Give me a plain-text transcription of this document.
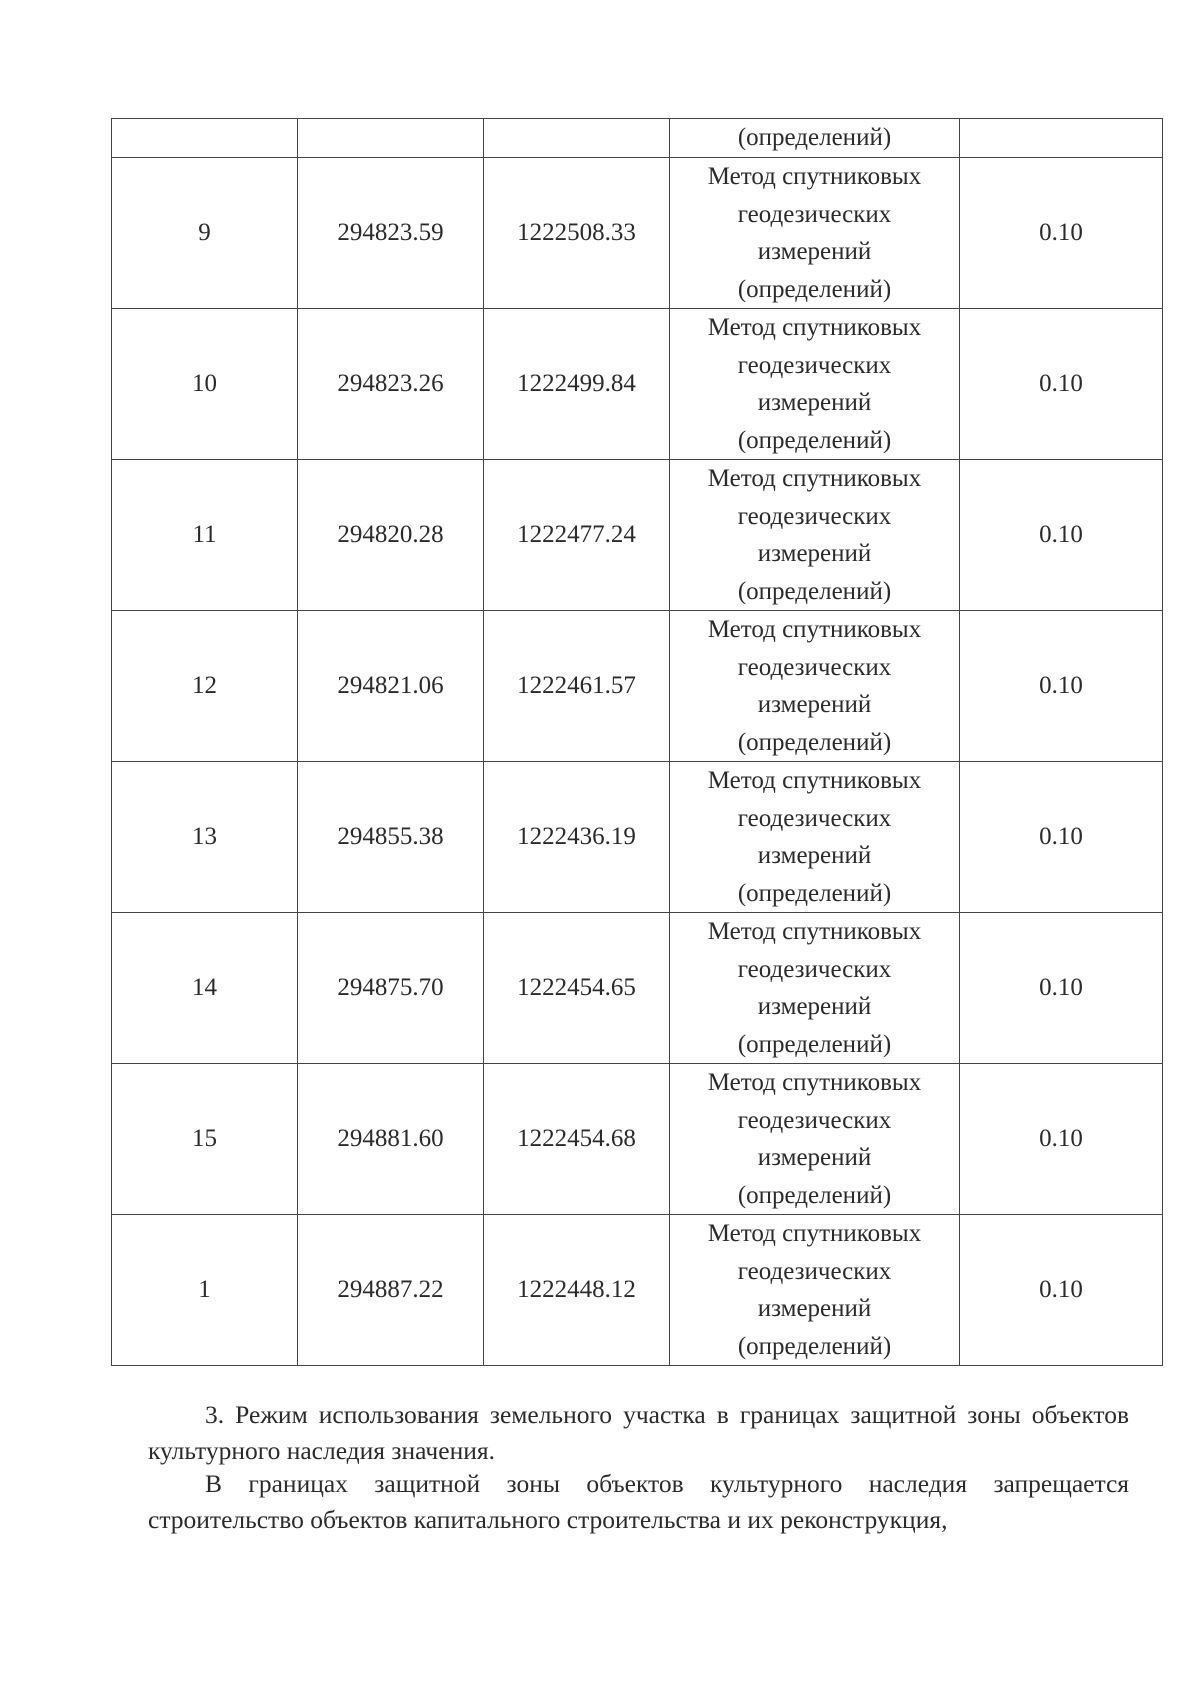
			(определений)	
9	294823.59	1222508.33	Метод спутниковых
геодезических
измерений
(определений)	0.10
10	294823.26	1222499.84	Метод спутниковых
геодезических
измерений
(определений)	0.10
11	294820.28	1222477.24	Метод спутниковых
геодезических
измерений
(определений)	0.10
12	294821.06	1222461.57	Метод спутниковых
геодезических
измерений
(определений)	0.10
13	294855.38	1222436.19	Метод спутниковых
геодезических
измерений
(определений)	0.10
14	294875.70	1222454.65	Метод спутниковых
геодезических
измерений
(определений)	0.10
15	294881.60	1222454.68	Метод спутниковых
геодезических
измерений
(определений)	0.10
1	294887.22	1222448.12	Метод спутниковых
геодезических
измерений
(определений)	0.10
3. Режим использования земельного участка в границах защитной зоны объектов культурного наследия значения.
В границах защитной зоны объектов культурного наследия запрещается строительство объектов капитального строительства и их реконструкция,
